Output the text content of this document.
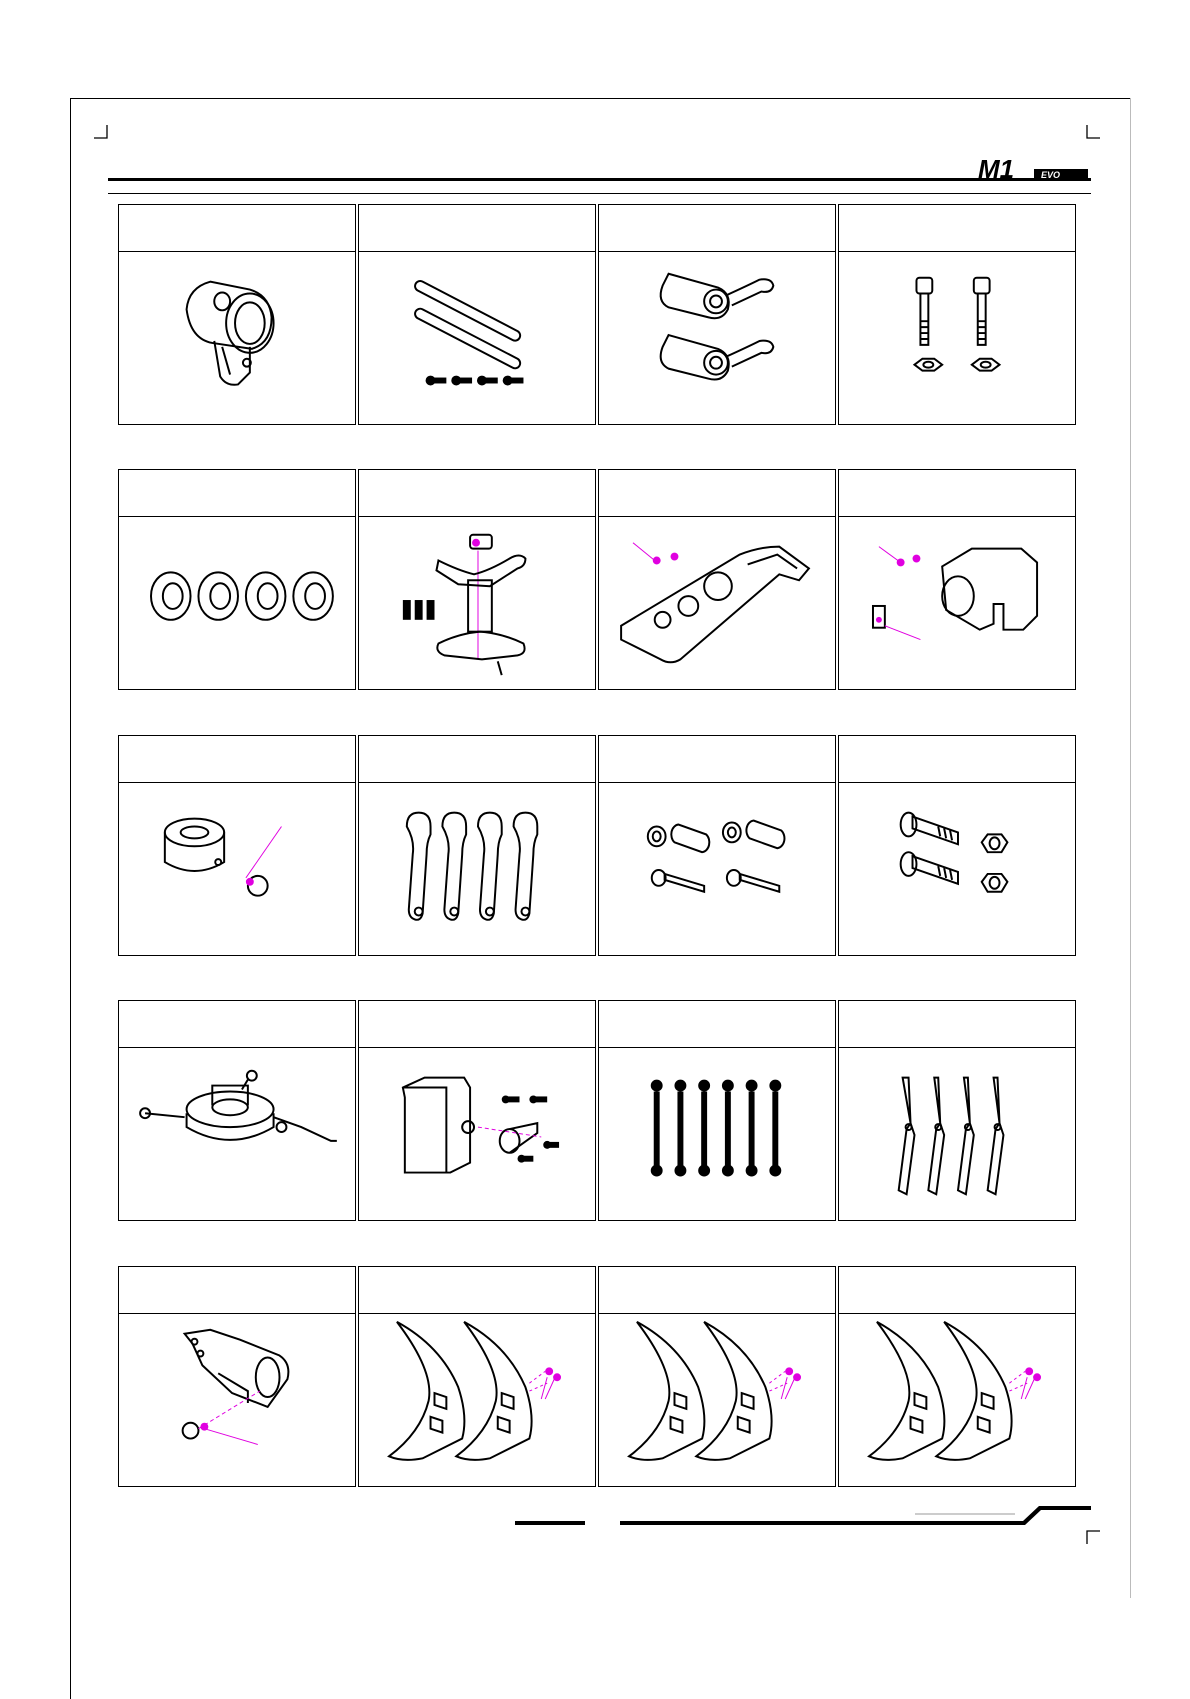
M1	EVO
